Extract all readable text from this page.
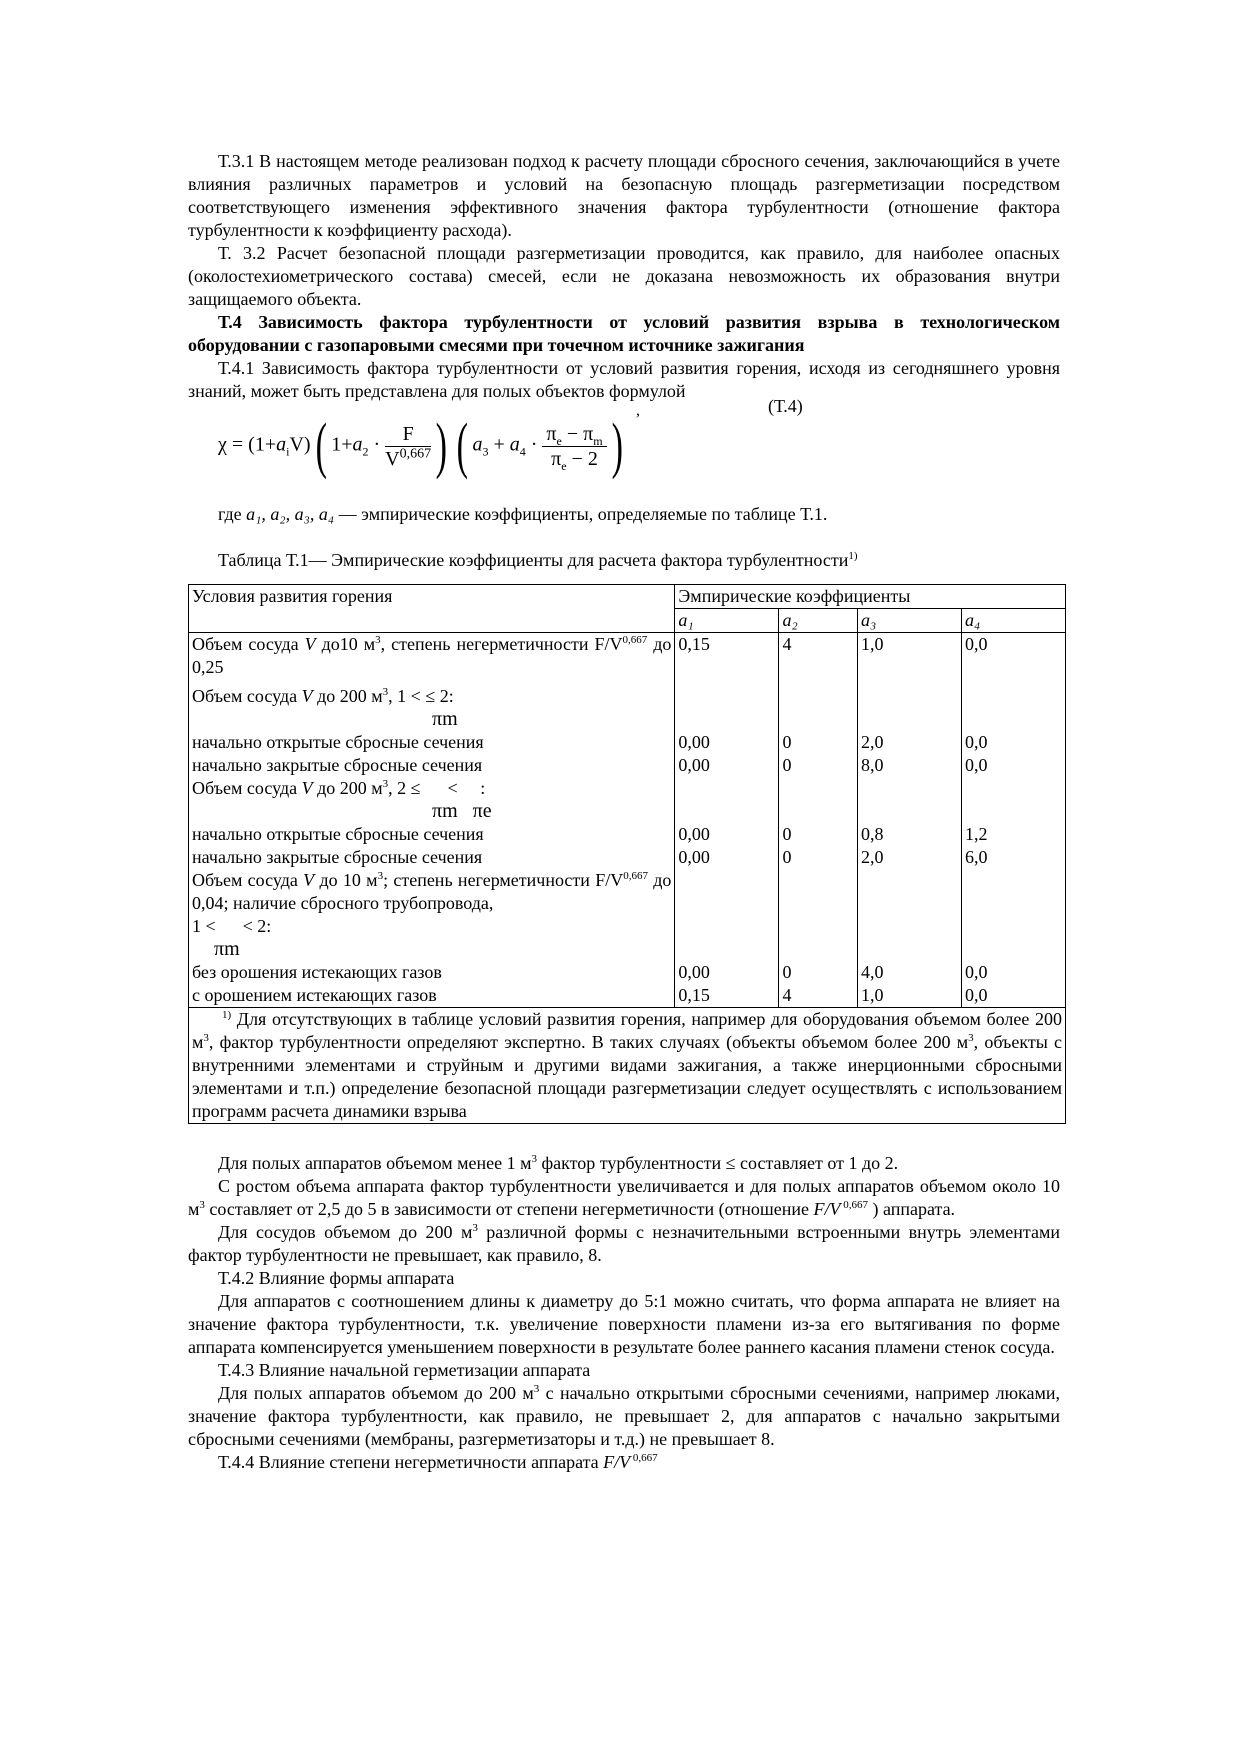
Т.3.1 В настоящем методе реализован подход к расчету площади сбросного сечения, заключающийся в учете влияния различных параметров и условий на безопасную площадь разгерметизации посредством соответствующего изменения эффективного значения фактора турбулентности (отношение фактора турбулентности к коэффициенту расхода).

Т. 3.2 Расчет безопасной площади разгерметизации проводится, как правило, для наиболее опасных (околостехиометрического состава) смесей, если не доказана невозможность их образования внутри защищаемого объекта.

Т.4 Зависимость фактора турбулентности от условий развития взрыва в технологическом оборудовании с газопаровыми смесями при точечном источнике зажигания

Т.4.1 Зависимость фактора турбулентности от условий развития горения, исходя из сегодняшнего уровня знаний, может быть представлена для полых объектов формулой

,	(Т.4)
$\chi = (1+a_iV)$( $1+a_2 \cdot \frac{F}{V^{0,667}}$ ) ( $a_3 + a_4 \cdot \frac{\pi_e - \pi_m}{\pi_e - 2}$ )

где a₁, a₂, a₃, a₄ — эмпирические коэффициенты, определяемые по таблице Т.1.

Таблица Т.1— Эмпирические коэффициенты для расчета фактора турбулентности$^{1)}$

Условия развития горения	Эмпирические коэффициенты			
	a₁	a₂	a₃	a₄
Объем сосуда V до10 $м^3$, степень негерметичности $F/V^{0,667}$ до 0,25	0,15	4	1,0	0,0
Объем сосуда V до 200 $м^3$, 1 < ≤ 2:
πm				

начально открытые сбросные сечения	0,00	0	2,0	0,0
начально закрытые сбросные сечения	0,00	0	8,0	0,0
Объем сосуда V до 200 $м^3$, 2 ≤      <     :
πm   πe				

начально открытые сбросные сечения	0,00	0	0,8	1,2
начально закрытые сбросные сечения	0,00	0	2,0	6,0
Объем сосуда V до 10 $м^3$; степень негерметичности $F/V^{0,667}$ до 0,04; наличие сбросного трубопровода,
1 <      < 2:
πm				

без орошения истекающих газов	0,00	0	4,0	0,0
с орошением истекающих газов	0,15	4	1,0	0,0
$^{1)}$ Для отсутствующих в таблице условий развития горения, например для оборудования объемом более 200 $м^3$, фактор турбулентности определяют экспертно. В таких случаях (объекты объемом более 200 $м^3$, объекты с внутренними элементами и струйным и другими видами зажигания, а также инерционными сбросными элементами и т.п.) определение безопасной площади разгерметизации следует осуществлять с использованием программ расчета динамики взрыва				

Для полых аппаратов объемом менее 1 $м^3$ фактор турбулентности ≤ составляет от 1 до 2.

С ростом объема аппарата фактор турбулентности увеличивается и для полых аппаратов объемом около 10 $м^3$ составляет от 2,5 до 5 в зависимости от степени негерметичности (отношение F/V $^{0,667}$ ) аппарата.

Для сосудов объемом до 200 $м^3$ различной формы с незначительными встроенными внутрь элементами фактор турбулентности не превышает, как правило, 8.

Т.4.2 Влияние формы аппарата

Для аппаратов с соотношением длины к диаметру до 5:1 можно считать, что форма аппарата не влияет на значение фактора турбулентности, т.к. увеличение поверхности пламени из-за его вытягивания по форме аппарата компенсируется уменьшением поверхности в результате более раннего касания пламени стенок сосуда.

Т.4.3 Влияние начальной герметизации аппарата

Для полых аппаратов объемом до 200 $м^3$ с начально открытыми сбросными сечениями, например люками, значение фактора турбулентности, как правило, не превышает 2, для аппаратов с начально закрытыми сбросными сечениями (мембраны, разгерметизаторы и т.д.) не превышает 8.

Т.4.4 Влияние степени негерметичности аппарата F/V $^{0,667}$
